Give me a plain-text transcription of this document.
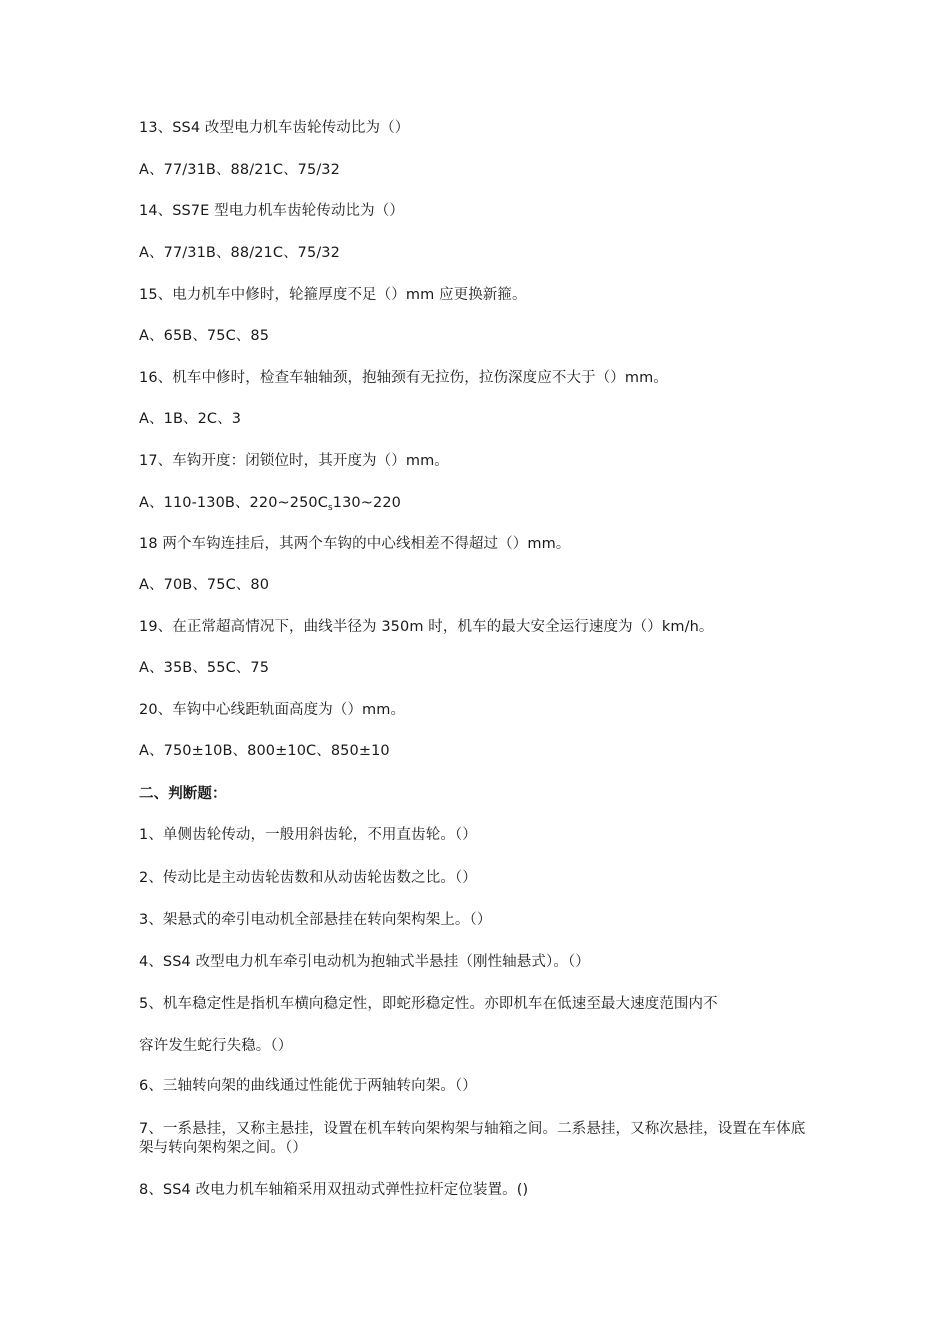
13、SS4 改型电力机车齿轮传动比为（）
A、77/31B、88/21C、75/32
14、SS7E 型电力机车齿轮传动比为（）
A、77/31B、88/21C、75/32
15、电力机车中修时，轮箍厚度不足（）mm 应更换新箍。
A、65B、75C、85
16、机车中修时，检查车轴轴颈，抱轴颈有无拉伤，拉伤深度应不大于（）mm。
A、1B、2C、3
17、车钩开度：闭锁位时，其开度为（）mm。
A、110-130B、$220\sim 250C_s130\sim 220$
18 两个车钩连挂后，其两个车钩的中心线相差不得超过（）mm。
A、70B、75C、80
19、在正常超高情况下，曲线半径为 350m 时，机车的最大安全运行速度为（）km/h。
A、35B、55C、75
20、车钩中心线距轨面高度为（）mm。
A、750±10B、800±10C、850±10
二、判断题：
1、单侧齿轮传动，一般用斜齿轮，不用直齿轮。（）
2、传动比是主动齿轮齿数和从动齿轮齿数之比。（）
3、架悬式的牵引电动机全部悬挂在转向架构架上。（）
4、SS4 改型电力机车牵引电动机为抱轴式半悬挂（刚性轴悬式）。（）
5、机车稳定性是指机车横向稳定性，即蛇形稳定性。亦即机车在低速至最大速度范围内不
容许发生蛇行失稳。（）
6、三轴转向架的曲线通过性能优于两轴转向架。（）
7、一系悬挂，又称主悬挂，设置在机车转向架构架与轴箱之间。二系悬挂，又称次悬挂，设置在车体底架与转向架构架之间。（）
8、SS4 改电力机车轴箱采用双扭动式弹性拉杆定位装置。()
